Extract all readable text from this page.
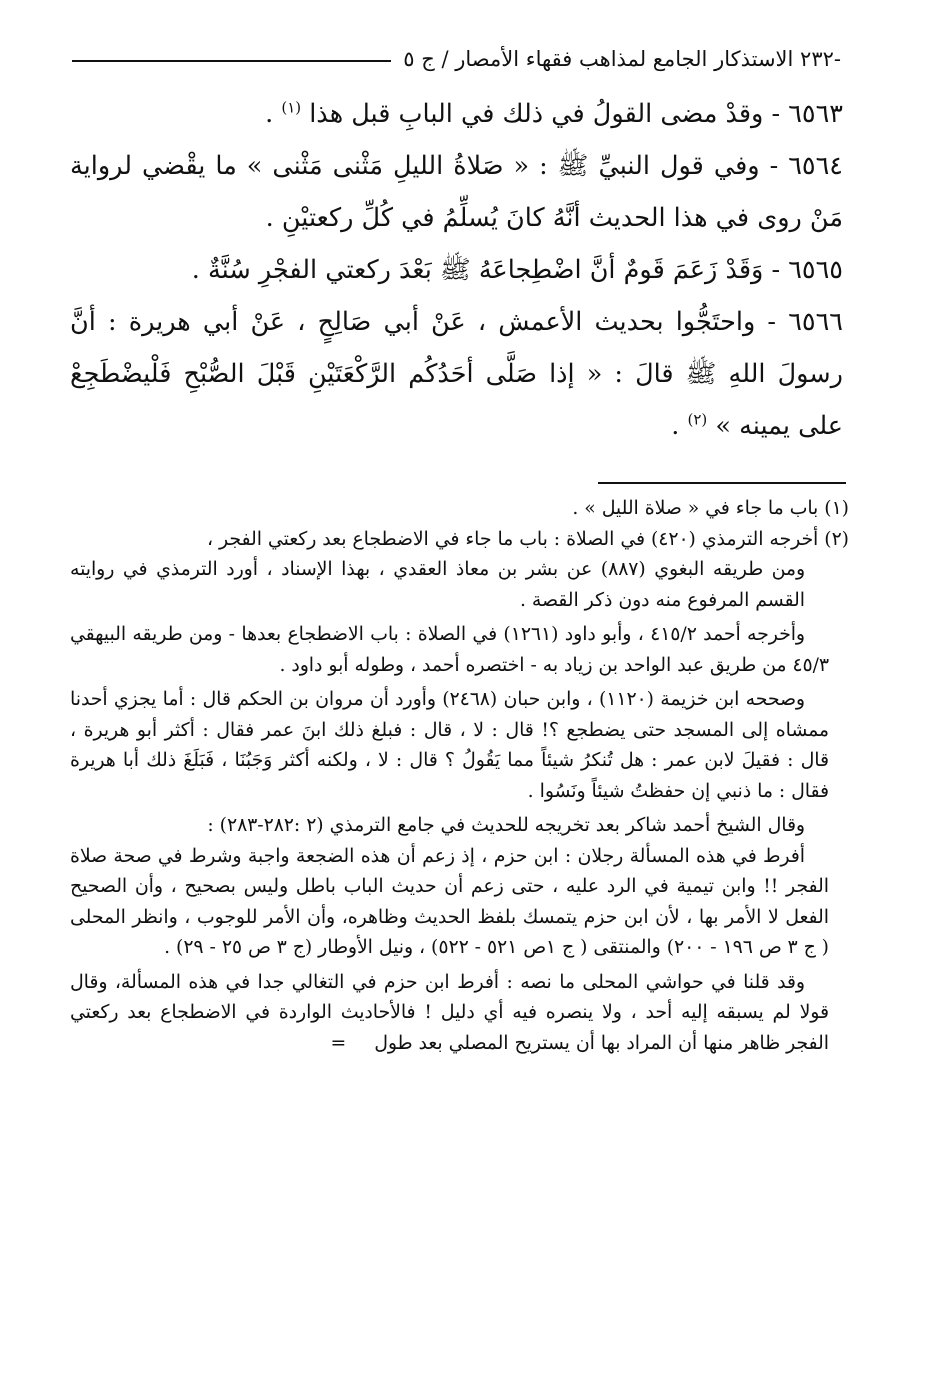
-٢٣٢ الاستذكار الجامع لمذاهب فقهاء الأمصار / ج ٥

٦٥٦٣ - وقدْ مضى القولُ في ذلك في البابِ قبل هذا $^{(١)}$ .

٦٥٦٤ - وفي قول النبيِّ ﷺ : « صَلاةُ الليلِ مَثْنى مَثْنى » ما يقْضي لرواية مَنْ روى في هذا الحديث أنَّهُ كانَ يُسلِّمُ في كُلِّ ركعتيْنِ .

٦٥٦٥ - وَقَدْ زَعَمَ قَومٌ أنَّ اضْطِجاعَهُ ﷺ بَعْدَ ركعتي الفجْرِ سُنَّةٌ .

٦٥٦٦ - واحتَجُّوا بحديث الأعمش ، عَنْ أبي صَالِحٍ ، عَنْ أبي هريرة : أنَّ رسولَ اللهِ ﷺ قالَ : « إذا صَلَّى أحَدُكُم الرَّكْعَتَيْنِ قَبْلَ الصُّبْحِ فَلْيضْطَجِعْ على يمينه » $^{(٢)}$ .

(١) باب ما جاء في « صلاة الليل » .

(٢) أخرجه الترمذي (٤٢٠) في الصلاة : باب ما جاء في الاضطجاع بعد ركعتي الفجر ،

ومن طريقه البغوي (٨٨٧) عن بشر بن معاذ العقدي ، بهذا الإسناد ، أورد الترمذي في روايته القسم المرفوع منه دون ذكر القصة .

وأخرجه أحمد ٤١٥/٢ ، وأبو داود (١٢٦١) في الصلاة : باب الاضطجاع بعدها - ومن طريقه البيهقي ٤٥/٣ من طريق عبد الواحد بن زياد به - اختصره أحمد ، وطوله أبو داود .

وصححه ابن خزيمة (١١٢٠) ، وابن حبان (٢٤٦٨) وأورد أن مروان بن الحكم قال : أما يجزي أحدنا ممشاه إلى المسجد حتى يضطجع ؟! قال : لا ، قال : فبلغ ذلك ابنَ عمر فقال : أكثر أبو هريرة ، قال : فقيلَ لابن عمر : هل تُنكرُ شيئاً مما يَقُولُ ؟ قال : لا ، ولكنه أكثر وَجَبُنَا ، فَبَلَغَ ذلك أبا هريرة فقال : ما ذنبي إن حفظتُ شيئاً ونَسُوا .

وقال الشيخ أحمد شاكر بعد تخريجه للحديث في جامع الترمذي (٢ :٢٨٢-٢٨٣) :

أفرط في هذه المسألة رجلان : ابن حزم ، إذ زعم أن هذه الضجعة واجبة وشرط في صحة صلاة الفجر !! وابن تيمية في الرد عليه ، حتى زعم أن حديث الباب باطل وليس بصحيح ، وأن الصحيح الفعل لا الأمر بها ، لأن ابن حزم يتمسك بلفظ الحديث وظاهره، وأن الأمر للوجوب ، وانظر المحلى ( ج ٣ ص ١٩٦ - ٢٠٠) والمنتقى ( ج ١ص ٥٢١ - ٥٢٢) ، ونيل الأوطار (ج ٣ ص ٢٥ - ٢٩) .

وقد قلنا في حواشي المحلى ما نصه : أفرط ابن حزم في التغالي جدا في هذه المسألة، وقال قولا لم يسبقه إليه أحد ، ولا ينصره فيه أي دليل ! فالأحاديث الواردة في الاضطجاع بعد ركعتي الفجر ظاهر منها أن المراد بها أن يستريح المصلي بعد طول =
